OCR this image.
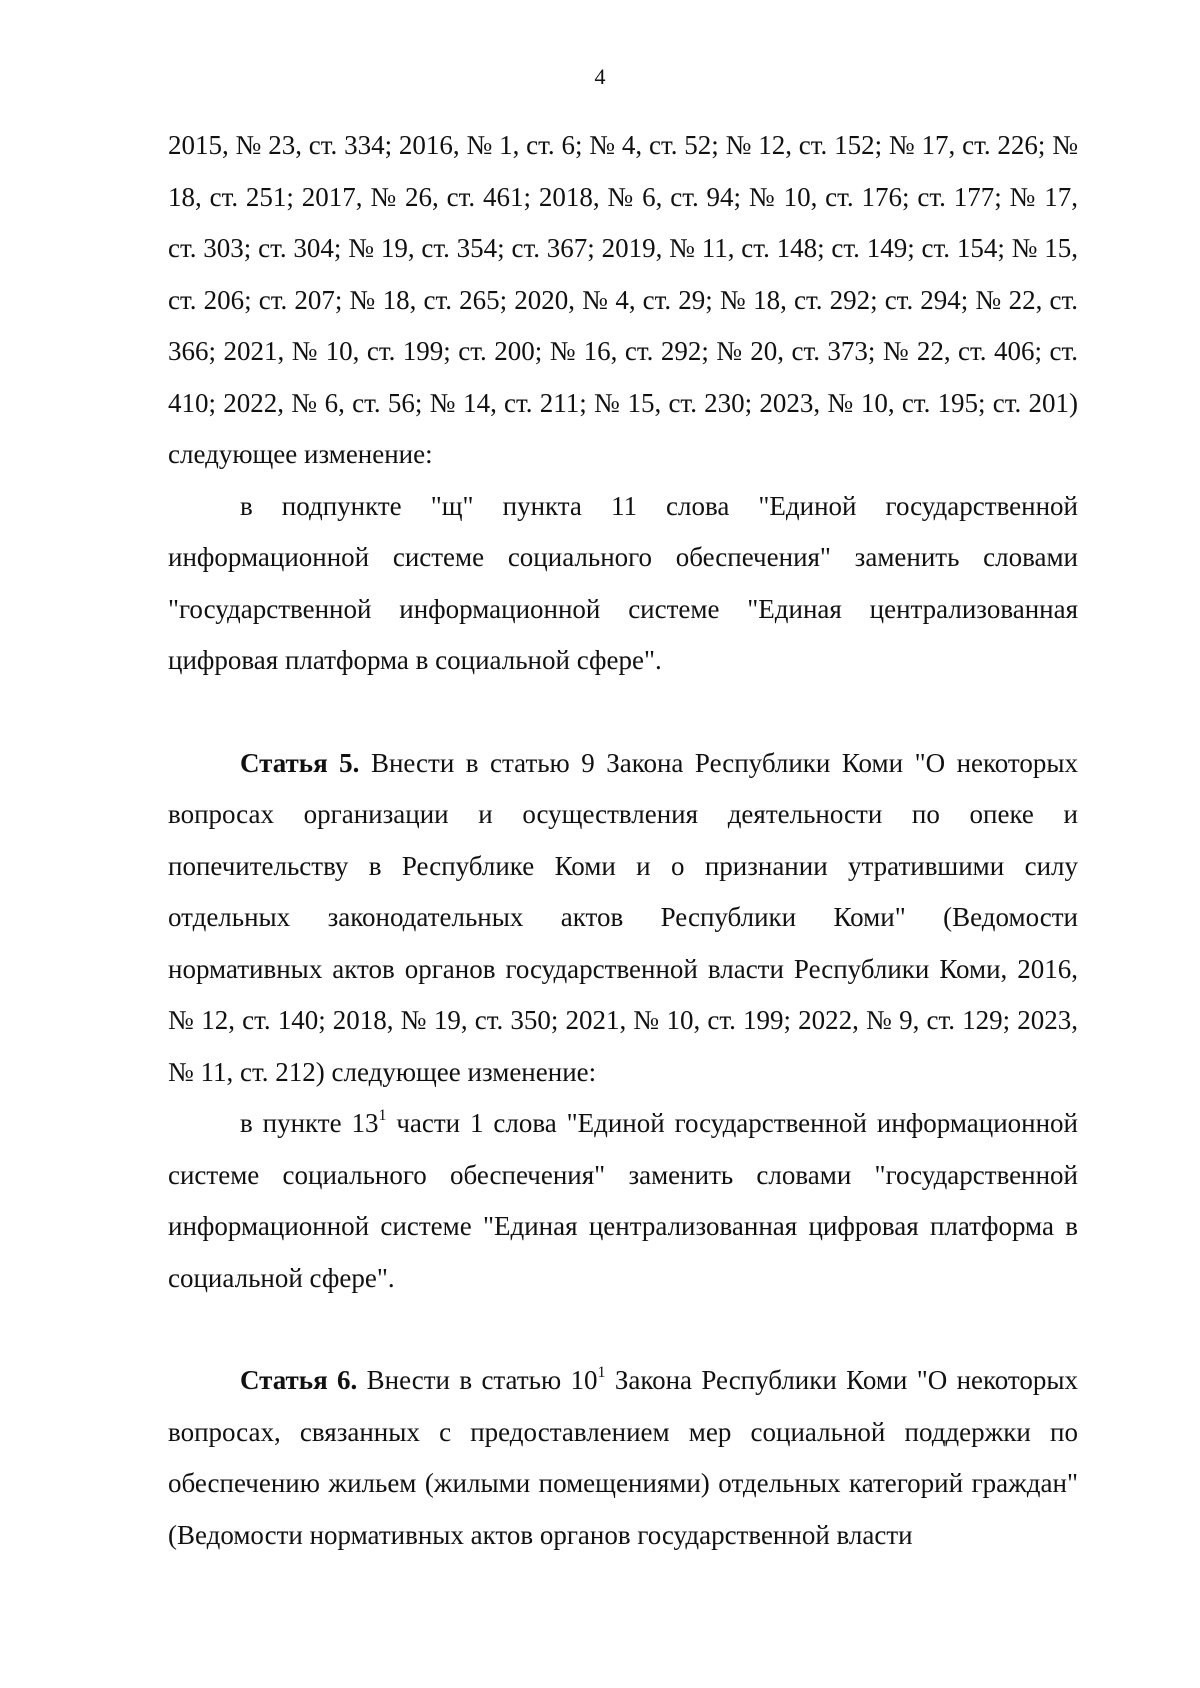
4

2015, № 23, ст. 334; 2016, № 1, ст. 6; № 4, ст. 52; № 12, ст. 152; № 17, ст. 226; № 18, ст. 251; 2017, № 26, ст. 461; 2018, № 6, ст. 94; № 10, ст. 176; ст. 177; № 17, ст. 303; ст. 304; № 19, ст. 354; ст. 367; 2019, № 11, ст. 148; ст. 149; ст. 154; № 15, ст. 206; ст. 207; № 18, ст. 265; 2020, № 4, ст. 29; № 18, ст. 292; ст. 294; № 22, ст. 366; 2021, № 10, ст. 199; ст. 200; № 16, ст. 292; № 20, ст. 373; № 22, ст. 406; ст. 410; 2022, № 6, ст. 56; № 14, ст. 211; № 15, ст. 230; 2023, № 10, ст. 195; ст. 201) следующее изменение:

в подпункте "щ" пункта 11 слова "Единой государственной информационной системе социального обеспечения" заменить словами "государственной информационной системе "Единая централизованная цифровая платформа в социальной сфере".

Статья 5. Внести в статью 9 Закона Республики Коми "О некоторых вопросах организации и осуществления деятельности по опеке и попечительству в Республике Коми и о признании утратившими силу отдельных законодательных актов Республики Коми" (Ведомости нормативных актов органов государственной власти Республики Коми, 2016, № 12, ст. 140; 2018, № 19, ст. 350; 2021, № 10, ст. 199; 2022, № 9, ст. 129; 2023, № 11, ст. 212) следующее изменение:

в пункте $13^1$ части 1 слова "Единой государственной информационной системе социального обеспечения" заменить словами "государственной информационной системе "Единая централизованная цифровая платформа в социальной сфере".

Статья 6. Внести в статью $10^1$ Закона Республики Коми "О некоторых вопросах, связанных с предоставлением мер социальной поддержки по обеспечению жильем (жилыми помещениями) отдельных категорий граждан" (Ведомости нормативных актов органов государственной власти
